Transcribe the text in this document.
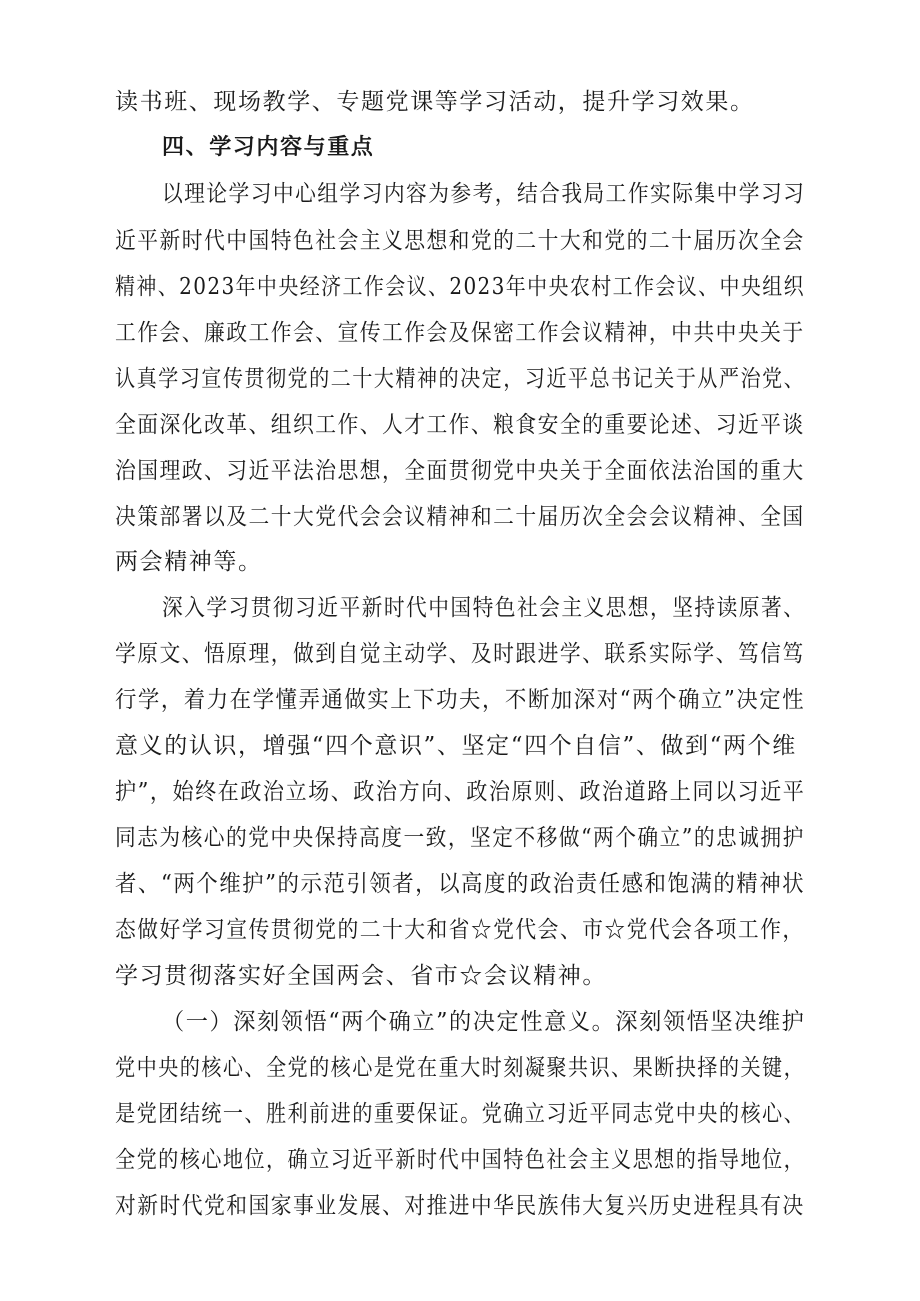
读书班、现场教学、专题党课等学习活动，提升学习效果。
四、学习内容与重点
以理论学习中心组学习内容为参考，结合我局工作实际集中学习习
近平新时代中国特色社会主义思想和党的二十大和党的二十届历次全会
精神、2023年中央经济工作会议、2023年中央农村工作会议、中央组织
工作会、廉政工作会、宣传工作会及保密工作会议精神，中共中央关于
认真学习宣传贯彻党的二十大精神的决定，习近平总书记关于从严治党、
全面深化改革、组织工作、人才工作、粮食安全的重要论述、习近平谈
治国理政、习近平法治思想，全面贯彻党中央关于全面依法治国的重大
决策部署以及二十大党代会会议精神和二十届历次全会会议精神、全国
两会精神等。
深入学习贯彻习近平新时代中国特色社会主义思想，坚持读原著、
学原文、悟原理，做到自觉主动学、及时跟进学、联系实际学、笃信笃
行学，着力在学懂弄通做实上下功夫，不断加深对“两个确立”决定性
意义的认识，增强“四个意识”、坚定“四个自信”、做到“两个维
护”，始终在政治立场、政治方向、政治原则、政治道路上同以习近平
同志为核心的党中央保持高度一致，坚定不移做“两个确立”的忠诚拥护
者、“两个维护”的示范引领者，以高度的政治责任感和饱满的精神状
态做好学习宣传贯彻党的二十大和省☆党代会、市☆党代会各项工作，
学习贯彻落实好全国两会、省市☆会议精神。
（一）深刻领悟“两个确立”的决定性意义。深刻领悟坚决维护
党中央的核心、全党的核心是党在重大时刻凝聚共识、果断抉择的关键，
是党团结统一、胜利前进的重要保证。党确立习近平同志党中央的核心、
全党的核心地位，确立习近平新时代中国特色社会主义思想的指导地位，
对新时代党和国家事业发展、对推进中华民族伟大复兴历史进程具有决
